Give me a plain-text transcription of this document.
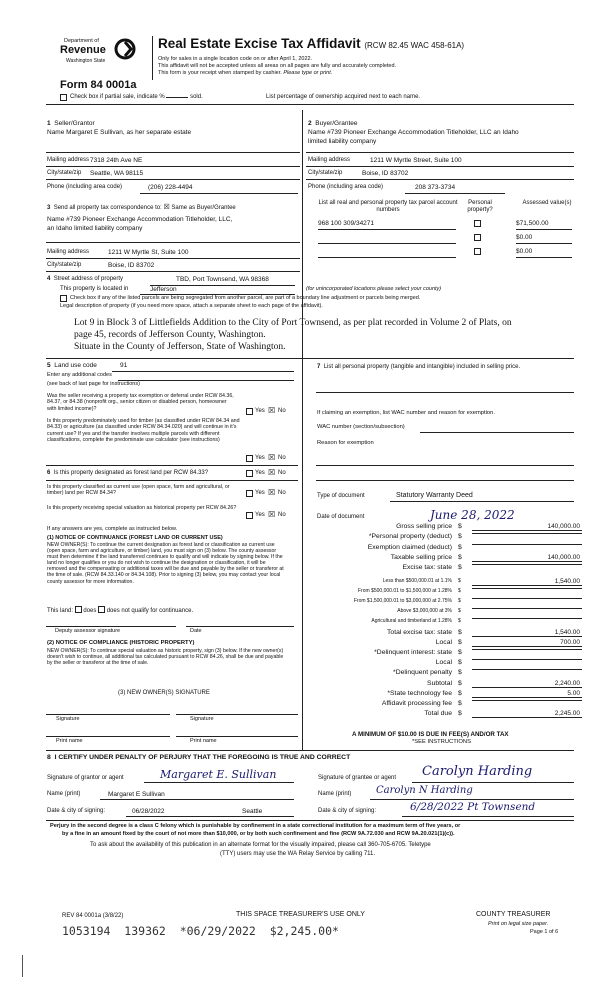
Department of
Revenue
Washington State
Real Estate Excise Tax Affidavit (RCW 82.45 WAC 458-61A)
Only for sales in a single location code on or after April 1, 2022.
This affidavit will not be accepted unless all areas on all pages are fully and accurately completed.
This form is your receipt when stamped by cashier. Please type or print.
Form 84 0001a
Check box if partial sale, indicate %	sold.	List percentage of ownership acquired next to each name.
1 Seller/Grantor
Name Margaret E Sullivan, as her separate estate
Mailing address 7318 24th Ave NE
City/state/zip Seattle, WA 98115
Phone (including area code)	(206) 228-4494
2 Buyer/Grantee
Name #739 Pioneer Exchange Accommodation Titleholder, LLC an Idaho
limited liability company
Mailing address	1211 W Myrtle Street, Suite 100
City/state/zip	Boise, ID 83702
Phone (including area code)	208 373-3734
3 Send all property tax correspondence to: ☒ Same as Buyer/Grantee
Name #739 Pioneer Exchange Accommodation Titleholder, LLC,
an Idaho limited liability company
Mailing address	1211 W Myrtle St, Suite 100
City/state/zip	Boise, ID 83702
List all real and personal property tax parcel account numbers
Personal property?
Assessed value(s)
968 100 309/34271	$71,500.00
$0.00
$0.00
4 Street address of property	TBD, Port Townsend, WA 98368
This property is located in	Jefferson	(for unincorporated locations please select your county)
Check box if any of the listed parcels are being segregated from another parcel, are part of a boundary line adjustment or parcels being merged.
Legal description of property (if you need more space, attach a separate sheet to each page of the affidavit).
Lot 9 in Block 3 of Littlefields Addition to the City of Port Townsend, as per plat recorded in Volume 2 of Plats, on
page 45, records of Jefferson County, Washington.
Situate in the County of Jefferson, State of Washington.
5 Land use code	91
Enter any additional codes
(see back of last page for instructions)
Was the seller receiving a property tax exemption or deferral under RCW 84.36, 84.37, or 84.38 (nonprofit org., senior citizen or disabled person, homeowner with limited income)?	Yes ☒ No
Is this property predominately used for timber (as classified under RCW 84.34 and 84.33) or agriculture (as classified under RCW 84.34.020) and will continue in it's current use? If yes and the transfer involves multiple parcels with different classifications, complete the predominate use calculator (see instructions)
Yes ☒ No
6 Is this property designated as forest land per RCW 84.33?	Yes ☒ No
Is this property classified as current use (open space, farm and agricultural, or timber) land per RCW 84.34?	Yes ☒ No
Is this property receiving special valuation as historical property per RCW 84.26?
Yes ☒ No
If any answers are yes, complete as instructed below.
(1) NOTICE OF CONTINUANCE (FOREST LAND OR CURRENT USE)
NEW OWNER(S): To continue the current designation as forest land or classification as current use (open space, farm and agriculture, or timber) land, you must sign on (3) below. The county assessor must then determine if the land transferred continues to qualify and will indicate by signing below. If the land no longer qualifies or you do not wish to continue the designation or classification, it will be removed and the compensating or additional taxes will be due and payable by the seller or transferor at the time of sale. (RCW 84.33.140 or 84.34.108). Prior to signing (3) below, you may contact your local county assessor for more information.
This land: does does not qualify for continuance.
Deputy assessor signature	Date
(2) NOTICE OF COMPLIANCE (HISTORIC PROPERTY)
NEW OWNER(S): To continue special valuation as historic property, sign (3) below. If the new owner(s) doesn't wish to continue, all additional tax calculated pursuant to RCW 84.26, shall be due and payable by the seller or transferor at the time of sale.
(3) NEW OWNER(S) SIGNATURE
Signature	Signature
Print name	Print name
7 List all personal property (tangible and intangible) included in selling price.
If claiming an exemption, list WAC number and reason for exemption.
WAC number (section/subsection)
Reason for exemption
Type of document	Statutory Warranty Deed
Date of document	June 28, 2022
Gross selling price $	140,000.00
*Personal property (deduct) $
Exemption claimed (deduct) $
Taxable selling price $	140,000.00
Excise tax: state $
Less than $500,000.01 at 1.1% $	1,540.00
From $500,000.01 to $1,500,000 at 1.28% $
From $1,500,000.01 to $3,000,000 at 2.75% $
Above $3,000,000 at 3% $
Agricultural and timberland at 1.28% $
Total excise tax: state $	1,540.00
Local $	700.00
*Delinquent interest: state $
Local $
*Delinquent penalty $
Subtotal $	2,240.00
*State technology fee $	5.00
Affidavit processing fee $
Total due $	2,245.00
A MINIMUM OF $10.00 IS DUE IN FEE(S) AND/OR TAX
*SEE INSTRUCTIONS
8 I CERTIFY UNDER PENALTY OF PERJURY THAT THE FOREGOING IS TRUE AND CORRECT
Signature of grantor or agent	Margaret E. Sullivan
Name (print)	Margaret E Sullivan
Date & city of signing:	06/28/2022	Seattle
Signature of grantee or agent Carolyn Harding
Name (print) Carolyn N Harding
Date & city of signing:	6/28/2022 Pt Townsend
Perjury in the second degree is a class C felony which is punishable by confinement in a state correctional institution for a maximum term of five years, or
by a fine in an amount fixed by the court of not more than $10,000, or by both such confinement and fine (RCW 9A.72.030 and RCW 9A.20.021(1)(c)).
To ask about the availability of this publication in an alternate format for the visually impaired, please call 360-705-6705. Teletype
(TTY) users may use the WA Relay Service by calling 711.
REV 84 0001a (3/8/22)	THIS SPACE TREASURER'S USE ONLY	COUNTY TREASURER
Print on legal size paper.
Page 1 of 6
1053194  139362  *06/29/2022  $2,245.00*
